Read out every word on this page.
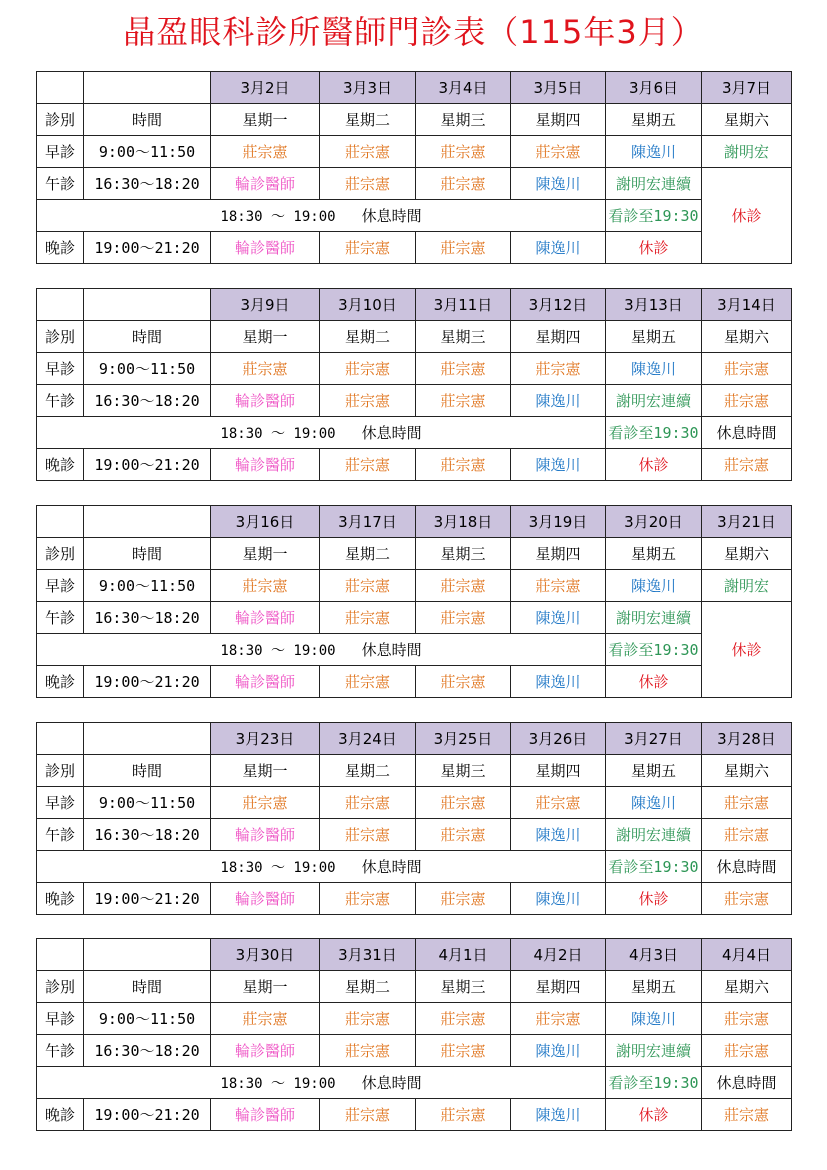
晶盈眼科診所醫師門診表（115年3月）
		3月2日	3月3日	3月4日	3月5日	3月6日	3月7日
診別	時間	星期一	星期二	星期三	星期四	星期五	星期六
早診	9:00～11:50	莊宗憲	莊宗憲	莊宗憲	莊宗憲	陳逸川	謝明宏
午診	16:30～18:20	輪診醫師	莊宗憲	莊宗憲	陳逸川	謝明宏連續	休診
18:30 ～ 19:00 休息時間						看診至19:30	
晚診	19:00～21:20	輪診醫師	莊宗憲	莊宗憲	陳逸川	休診	
		3月9日	3月10日	3月11日	3月12日	3月13日	3月14日
診別	時間	星期一	星期二	星期三	星期四	星期五	星期六
早診	9:00～11:50	莊宗憲	莊宗憲	莊宗憲	莊宗憲	陳逸川	莊宗憲
午診	16:30～18:20	輪診醫師	莊宗憲	莊宗憲	陳逸川	謝明宏連續	莊宗憲
18:30 ～ 19:00 休息時間						看診至19:30	休息時間
晚診	19:00～21:20	輪診醫師	莊宗憲	莊宗憲	陳逸川	休診	莊宗憲
		3月16日	3月17日	3月18日	3月19日	3月20日	3月21日
診別	時間	星期一	星期二	星期三	星期四	星期五	星期六
早診	9:00～11:50	莊宗憲	莊宗憲	莊宗憲	莊宗憲	陳逸川	謝明宏
午診	16:30～18:20	輪診醫師	莊宗憲	莊宗憲	陳逸川	謝明宏連續	休診
18:30 ～ 19:00 休息時間						看診至19:30	
晚診	19:00～21:20	輪診醫師	莊宗憲	莊宗憲	陳逸川	休診	
		3月23日	3月24日	3月25日	3月26日	3月27日	3月28日
診別	時間	星期一	星期二	星期三	星期四	星期五	星期六
早診	9:00～11:50	莊宗憲	莊宗憲	莊宗憲	莊宗憲	陳逸川	莊宗憲
午診	16:30～18:20	輪診醫師	莊宗憲	莊宗憲	陳逸川	謝明宏連續	莊宗憲
18:30 ～ 19:00 休息時間						看診至19:30	休息時間
晚診	19:00～21:20	輪診醫師	莊宗憲	莊宗憲	陳逸川	休診	莊宗憲
		3月30日	3月31日	4月1日	4月2日	4月3日	4月4日
診別	時間	星期一	星期二	星期三	星期四	星期五	星期六
早診	9:00～11:50	莊宗憲	莊宗憲	莊宗憲	莊宗憲	陳逸川	莊宗憲
午診	16:30～18:20	輪診醫師	莊宗憲	莊宗憲	陳逸川	謝明宏連續	莊宗憲
18:30 ～ 19:00 休息時間						看診至19:30	休息時間
晚診	19:00～21:20	輪診醫師	莊宗憲	莊宗憲	陳逸川	休診	莊宗憲
